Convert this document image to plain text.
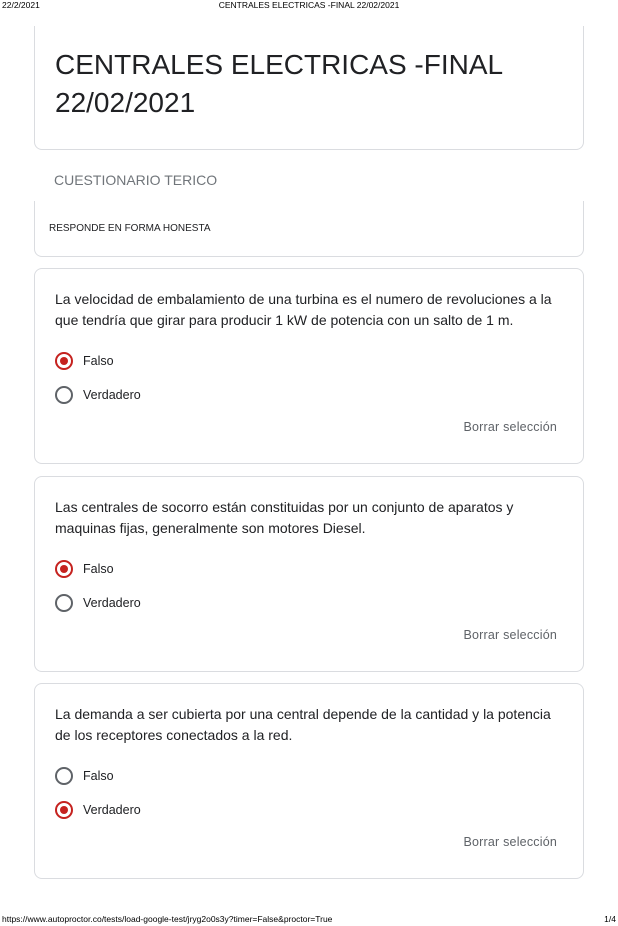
22/2/2021	CENTRALES ELECTRICAS -FINAL 22/02/2021
CENTRALES ELECTRICAS -FINAL
22/02/2021
CUESTIONARIO TERICO
RESPONDE EN FORMA HONESTA
La velocidad de embalamiento de una turbina es el numero de revoluciones a la que tendría que girar para producir 1 kW de potencia con un salto de 1 m.
Falso
Verdadero
Borrar selección
Las centrales de socorro están constituidas por un conjunto de aparatos y maquinas fijas, generalmente son motores Diesel.
Falso
Verdadero
Borrar selección
La demanda a ser cubierta por una central depende de la cantidad y la potencia de los receptores conectados a la red.
Falso
Verdadero
Borrar selección
https://www.autoproctor.co/tests/load-google-test/jryg2o0s3y?timer=False&proctor=True	1/4
